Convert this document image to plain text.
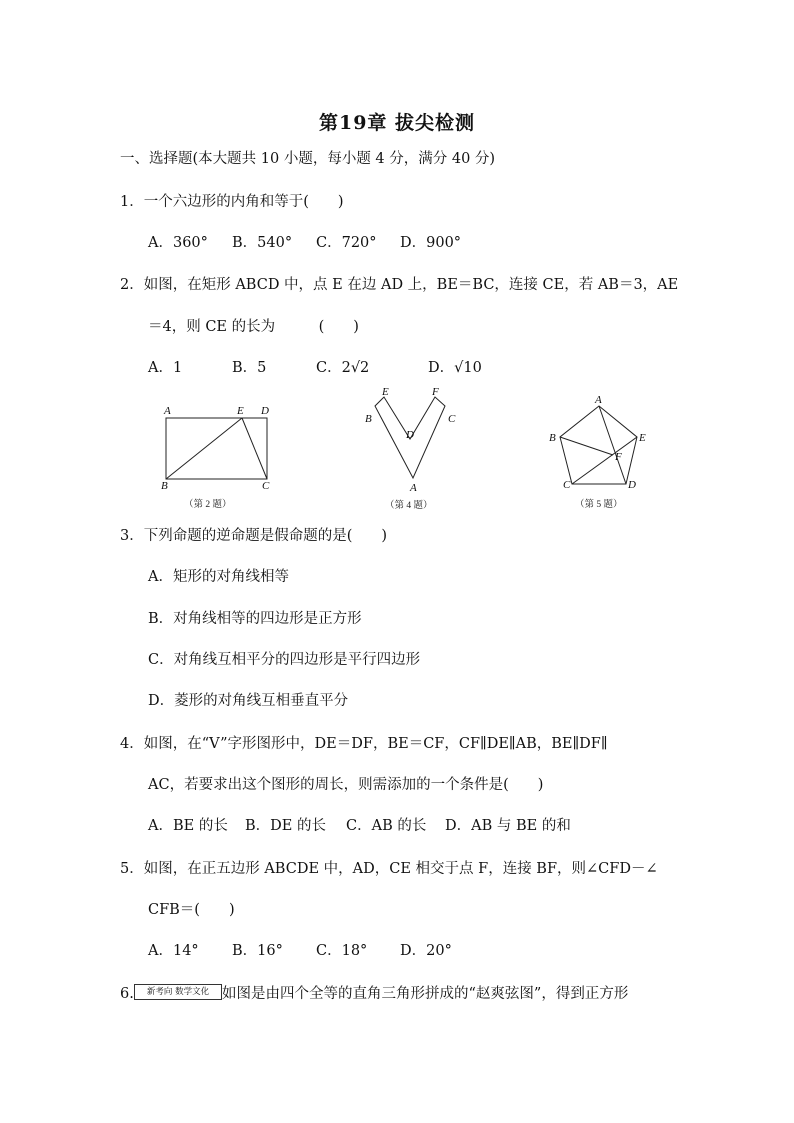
第19章 拔尖检测
一、选择题(本大题共 10 小题，每小题 4 分，满分 40 分)
1．一个六边形的内角和等于(　　)
A．360° B．540° C．720° D．900°
2．如图，在矩形 ABCD 中，点 E 在边 AD 上，BE＝BC，连接 CE，若 AB＝3，AE
＝4，则 CE 的长为　　　(　　)
A．1	B．5	C．2√2	D．√10
A	E D
B	C
（第 2 题）
E	F
B	C
D
A
（第 4 题）
A
B	E
F
C	D
（第 5 题）
3．下列命题的逆命题是假命题的是(　　)
A．矩形的对角线相等
B．对角线相等的四边形是正方形
C．对角线互相平分的四边形是平行四边形
D．菱形的对角线互相垂直平分
4．如图，在“V”字形图形中，DE＝DF，BE＝CF，CF∥DE∥AB，BE∥DF∥
AC，若要求出这个图形的周长，则需添加的一个条件是(　　)
A．BE 的长 B．DE 的长 C．AB 的长 D．AB 与 BE 的和
5．如图，在正五边形 ABCDE 中，AD，CE 相交于点 F，连接 BF，则∠CFD－∠
CFB＝(　　)
A．14° B．16° C．18° D．20°
6.	新考向 数学文化 如图是由四个全等的直角三角形拼成的“赵爽弦图”，得到正方形
